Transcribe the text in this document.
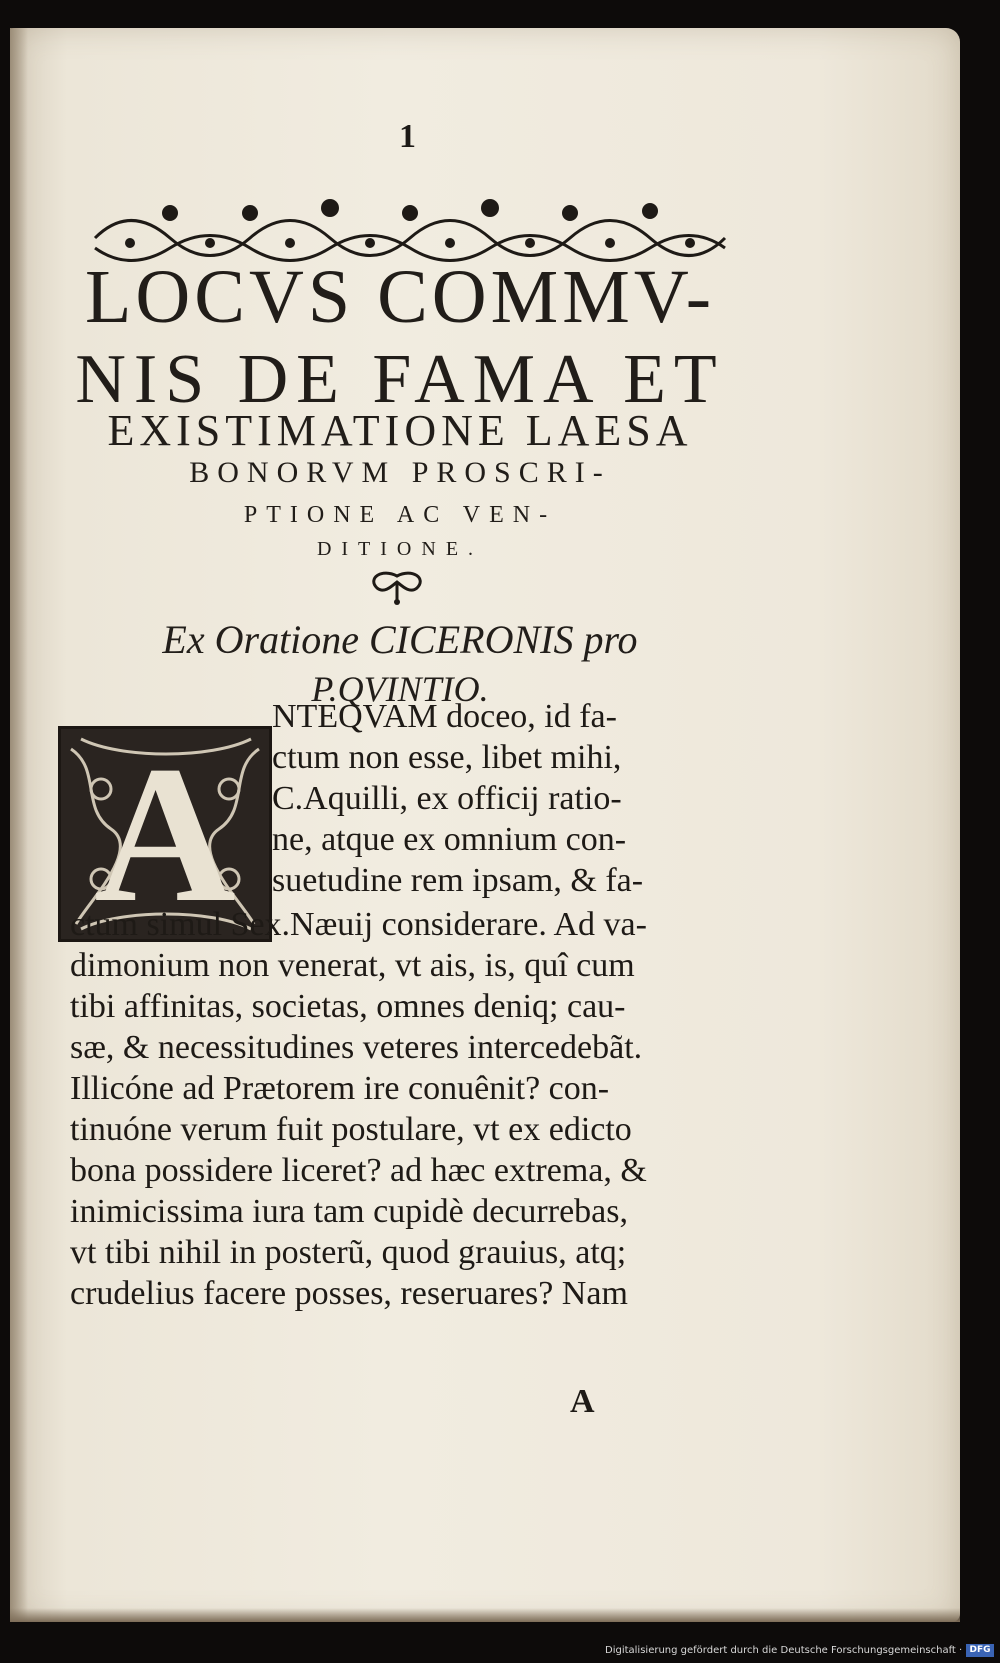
1
LOCVS COMMV-
NIS DE FAMA ET
EXISTIMATIONE LAESA
BONORVM PROSCRI-
PTIONE AC VEN-
DITIONE.
Ex Oratione CICERONIS pro
P.QVINTIO.
A
NTEQVAM doceo, id fa-
ctum non esse, libet mihi,
C.Aquilli, ex officij ratio-
ne, atque ex omnium con-
suetudine rem ipsam, & fa-
ctum simul Sex.Næuij considerare. Ad va-
dimonium non venerat, vt ais, is, quî cum
tibi affinitas, societas, omnes deniq; cau-
sæ, & necessitudines veteres intercedebãt.
Illicóne ad Prætorem ire conuênit? con-
tinuóne verum fuit postulare, vt ex edicto
bona possidere liceret? ad hæc extrema, &
inimicissima iura tam cupidè decurrebas,
vt tibi nihil in posterũ, quod grauius, atq;
crudelius facere posses, reseruares? Nam
A
Digitalisierung gefördert durch die Deutsche Forschungsgemeinschaft · DFG
